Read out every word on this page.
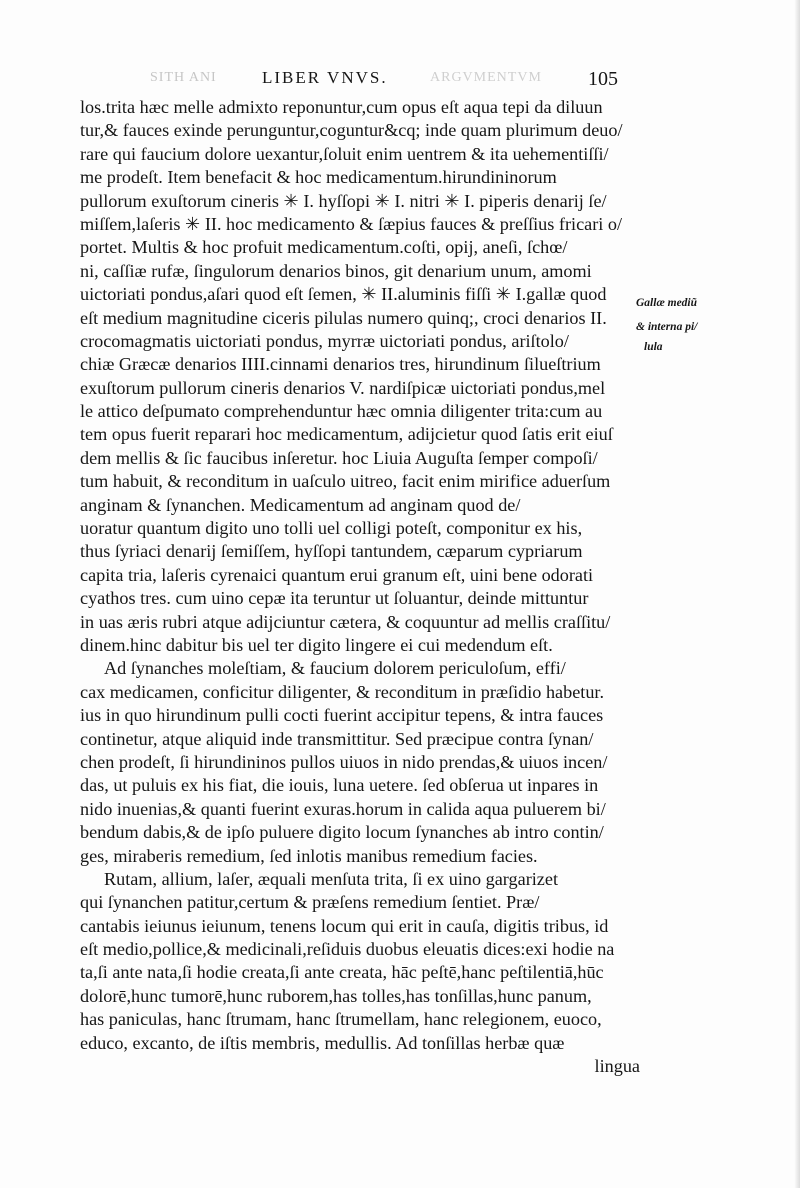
SITH ANI	LIBER VNVS.	ARGVMENTVM 105
los.trita hæc melle admixto reponuntur,cum opus eſt aqua tepi da diluun
tur,& fauces exinde perunguntur,coguntur&cq; inde quam plurimum deuo/
rare qui faucium dolore uexantur,ſoluit enim uentrem & ita uehementiſſi/
me prodeſt. Item benefacit & hoc medicamentum.hirundininorum
pullorum exuſtorum cineris ✳ I. hyſſopi ✳ I. nitri ✳ I. piperis denarij ſe/
miſſem,laſeris ✳ II. hoc medicamento & ſæpius fauces & preſſius fricari o/
portet. Multis & hoc profuit medicamentum.coſti, opij, aneſi, ſchœ/
ni, caſſiæ rufæ, ſingulorum denarios binos, git denarium unum, amomi
uictoriati pondus,aſari quod eſt ſemen, ✳ II.aluminis fiſſi ✳ I.gallæ quod
eſt medium magnitudine ciceris pilulas numero quinq;, croci denarios II.
crocomagmatis uictoriati pondus, myrræ uictoriati pondus, ariſtolo/
chiæ Græcæ denarios IIII.cinnami denarios tres, hirundinum ſilueſtrium
exuſtorum pullorum cineris denarios V. nardiſpicæ uictoriati pondus,mel
le attico deſpumato comprehenduntur hæc omnia diligenter trita:cum au
tem opus fuerit reparari hoc medicamentum, adijcietur quod ſatis erit eiuſ
dem mellis & ſic faucibus inſeretur. hoc Liuia Auguſta ſemper compoſi/
tum habuit, & reconditum in uaſculo uitreo, facit enim mirifice aduerſum
anginam & ſynanchen. Medicamentum ad anginam quod de/
uoratur quantum digito uno tolli uel colligi poteſt, componitur ex his,
thus ſyriaci denarij ſemiſſem, hyſſopi tantundem, cæparum cypriarum
capita tria, laſeris cyrenaici quantum erui granum eſt, uini bene odorati
cyathos tres. cum uino cepæ ita teruntur ut ſoluantur, deinde mittuntur
in uas æris rubri atque adijciuntur cætera, & coquuntur ad mellis craſſitu/
dinem.hinc dabitur bis uel ter digito lingere ei cui medendum eſt.
Ad ſynanches moleſtiam, & faucium dolorem periculoſum, effi/
cax medicamen, conficitur diligenter, & reconditum in præſidio habetur.
ius in quo hirundinum pulli cocti fuerint accipitur tepens, & intra fauces
continetur, atque aliquid inde transmittitur. Sed præcipue contra ſynan/
chen prodeſt, ſi hirundininos pullos uiuos in nido prendas,& uiuos incen/
das, ut puluis ex his fiat, die iouis, luna uetere. ſed obſerua ut inpares in
nido inuenias,& quanti fuerint exuras.horum in calida aqua puluerem bi/
bendum dabis,& de ipſo puluere digito locum ſynanches ab intro contin/
ges, miraberis remedium, ſed inlotis manibus remedium facies.
Rutam, allium, laſer, æquali menſuta trita, ſi ex uino gargarizet
qui ſynanchen patitur,certum & præſens remedium ſentiet. Præ/
cantabis ieiunus ieiunum, tenens locum qui erit in cauſa, digitis tribus, id
eſt medio,pollice,& medicinali,reſiduis duobus eleuatis dices:exi hodie na
ta,ſi ante nata,ſi hodie creata,ſi ante creata, hāc peſtē,hanc peſtilentiā,hūc
dolorē,hunc tumorē,hunc ruborem,has tolles,has tonſillas,hunc panum,
has paniculas, hanc ſtrumam, hanc ſtrumellam, hanc relegionem, euoco,
educo, excanto, de iſtis membris, medullis. Ad tonſillas herbæ quæ
lingua
Gallæ mediũ
& interna pi/
lula
